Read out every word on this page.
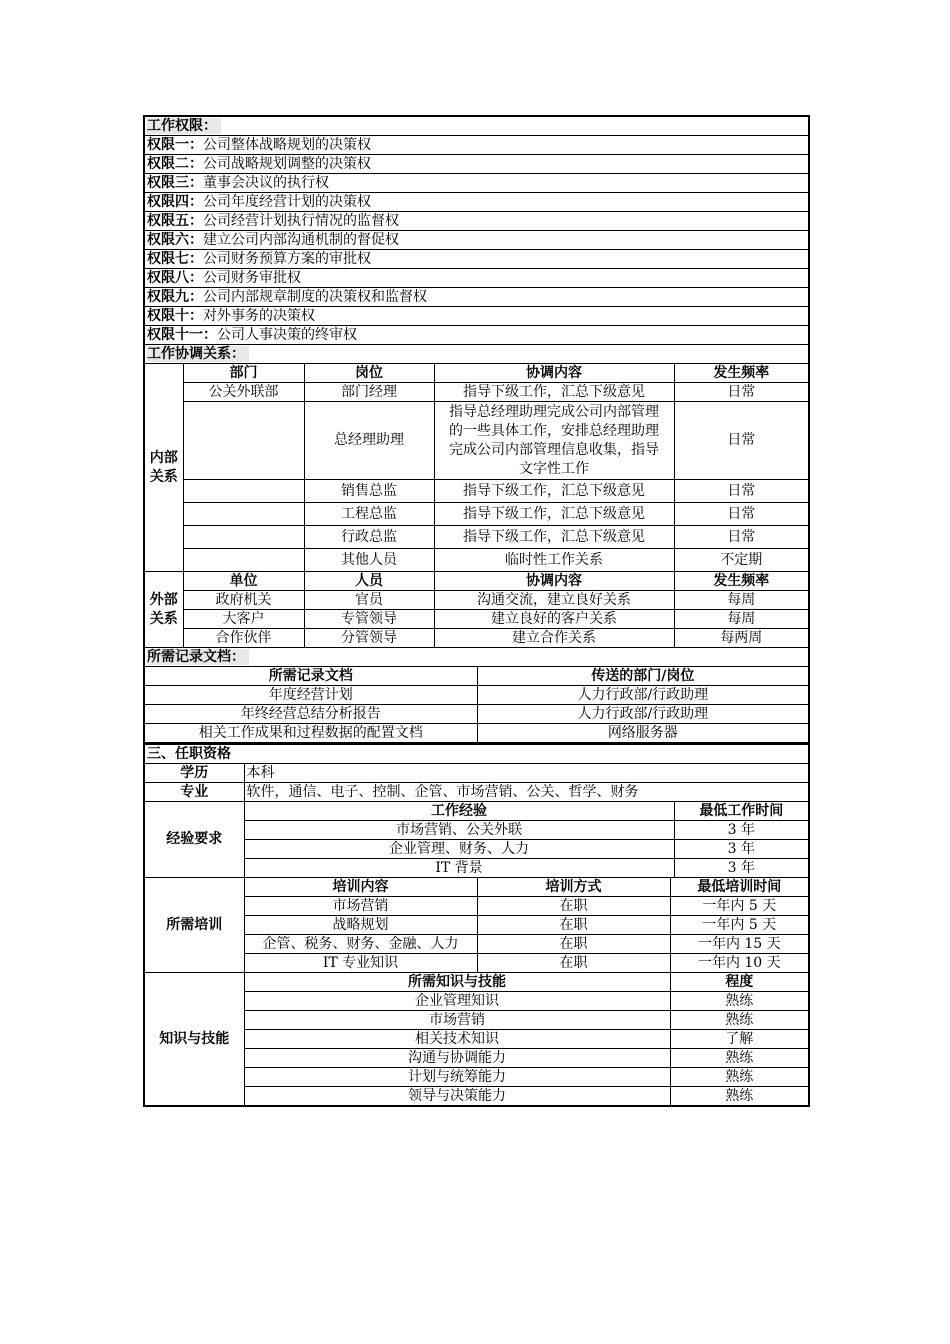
工作权限：							
权限一：公司整体战略规划的决策权							
权限二：公司战略规划调整的决策权							
权限三：董事会决议的执行权							
权限四：公司年度经营计划的决策权							
权限五：公司经营计划执行情况的监督权							
权限六：建立公司内部沟通机制的督促权							
权限七：公司财务预算方案的审批权							
权限八：公司财务审批权							
权限九：公司内部规章制度的决策权和监督权							
权限十：对外事务的决策权							
权限十一：公司人事决策的终审权							
工作协调关系：							
内部关系	部门		岗位	协调内容			发生频率
	公关外联部		部门经理	指导下级工作，汇总下级意见			日常
			总经理助理	指导总经理助理完成公司内部管理的一些具体工作，安排总经理助理完成公司内部管理信息收集，指导文字性工作			日常
			销售总监	指导下级工作，汇总下级意见			日常
			工程总监	指导下级工作，汇总下级意见			日常
			行政总监	指导下级工作，汇总下级意见			日常
			其他人员	临时性工作关系			不定期
外部关系	单位		人员	协调内容			发生频率
	政府机关		官员	沟通交流，建立良好关系			每周
	大客户		专管领导	建立良好的客户关系			每周
	合作伙伴		分管领导	建立合作关系			每两周
所需记录文档：							
所需记录文档					传送的部门/岗位		
年度经营计划					人力行政部/行政助理		
年终经营总结分析报告					人力行政部/行政助理		
相关工作成果和过程数据的配置文档					网络服务器		
三、任职资格							
学历		本科					
专业		软件，通信、电子、控制、企管、市场营销、公关、哲学、财务					
经验要求		工作经验					最低工作时间
		市场营销、公关外联					3 年
		企业管理、财务、人力					3 年
		IT 背景					3 年
所需培训		培训内容			培训方式	最低培训时间	
		市场营销			在职	一年内 5 天	
		战略规划			在职	一年内 5 天	
		企管、税务、财务、金融、人力			在职	一年内 15 天	
		IT 专业知识			在职	一年内 10 天	
知识与技能		所需知识与技能				程度	
		企业管理知识				熟练	
		市场营销				熟练	
		相关技术知识				了解	
		沟通与协调能力				熟练	
		计划与统筹能力				熟练	
		领导与决策能力				熟练	
